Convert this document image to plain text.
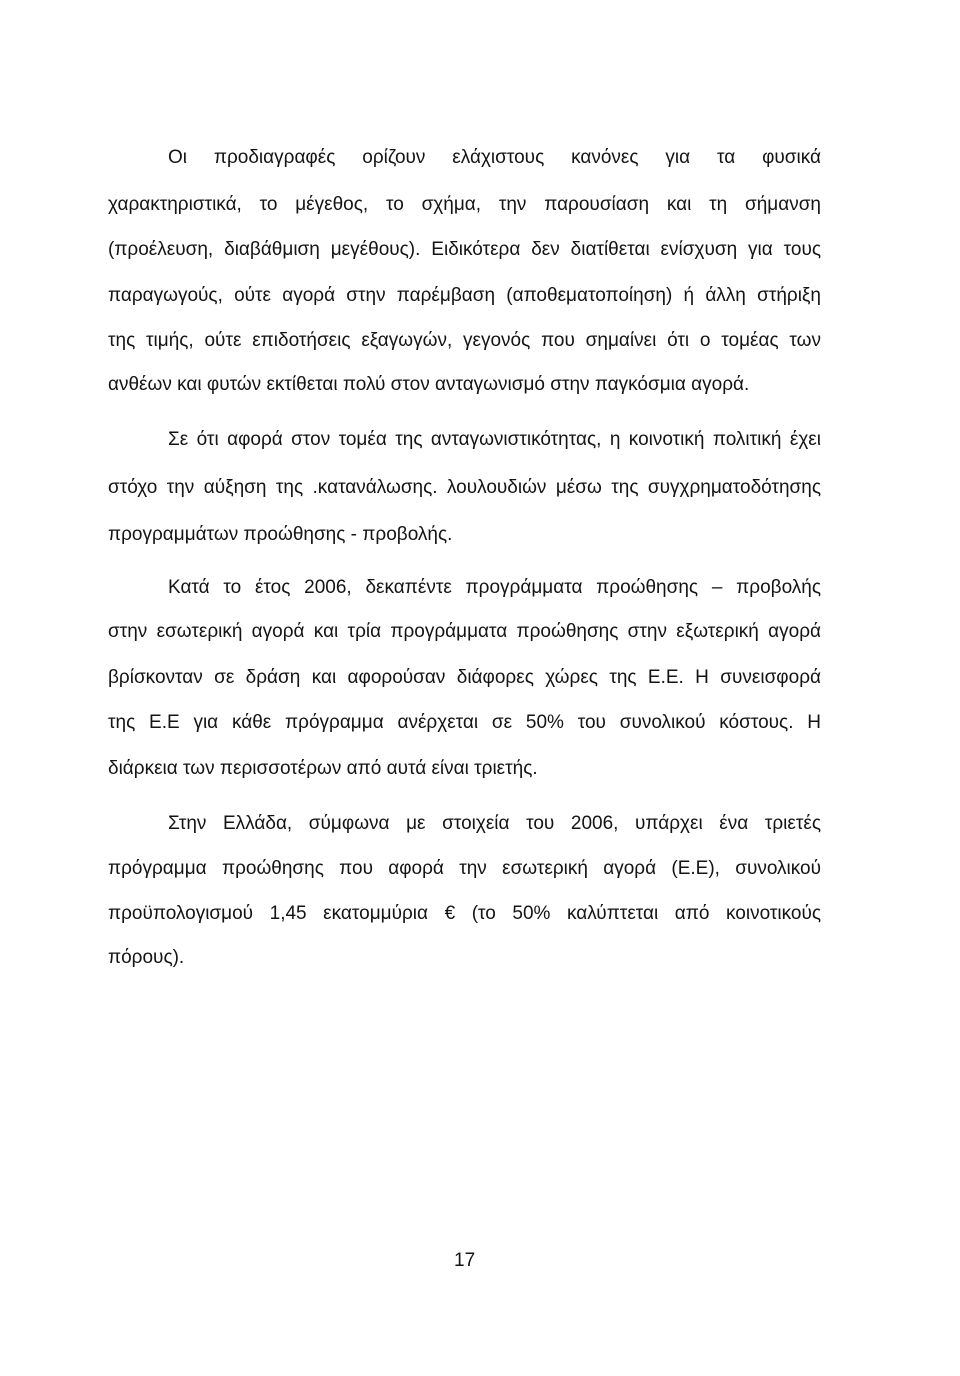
Οι προδιαγραφές ορίζουν ελάχιστους κανόνες για τα φυσικά
χαρακτηριστικά, το μέγεθος, το σχήμα, την παρουσίαση και τη σήμανση
(προέλευση, διαβάθμιση μεγέθους). Ειδικότερα δεν διατίθεται ενίσχυση για τους
παραγωγούς, ούτε αγορά στην παρέμβαση (αποθεματοποίηση) ή άλλη στήριξη
της τιμής, ούτε επιδοτήσεις εξαγωγών, γεγονός που σημαίνει ότι ο τομέας των
ανθέων και φυτών εκτίθεται πολύ στον ανταγωνισμό στην παγκόσμια αγορά.
Σε ότι αφορά στον τομέα της ανταγωνιστικότητας, η κοινοτική πολιτική έχει
στόχο την αύξηση της .κατανάλωσης. λουλουδιών μέσω της συγχρηματοδότησης
προγραμμάτων προώθησης - προβολής.
Κατά το έτος 2006, δεκαπέντε προγράμματα προώθησης – προβολής
στην εσωτερική αγορά και τρία προγράμματα προώθησης στην εξωτερική αγορά
βρίσκονταν σε δράση και αφορούσαν διάφορες χώρες της Ε.Ε. Η συνεισφορά
της Ε.Ε για κάθε πρόγραμμα ανέρχεται σε 50% του συνολικού κόστους. Η
διάρκεια των περισσοτέρων από αυτά είναι τριετής.
Στην Ελλάδα, σύμφωνα με στοιχεία του 2006, υπάρχει ένα τριετές
πρόγραμμα προώθησης που αφορά την εσωτερική αγορά (Ε.Ε), συνολικού
προϋπολογισμού 1,45 εκατομμύρια € (το 50% καλύπτεται από κοινοτικούς
πόρους).
17
